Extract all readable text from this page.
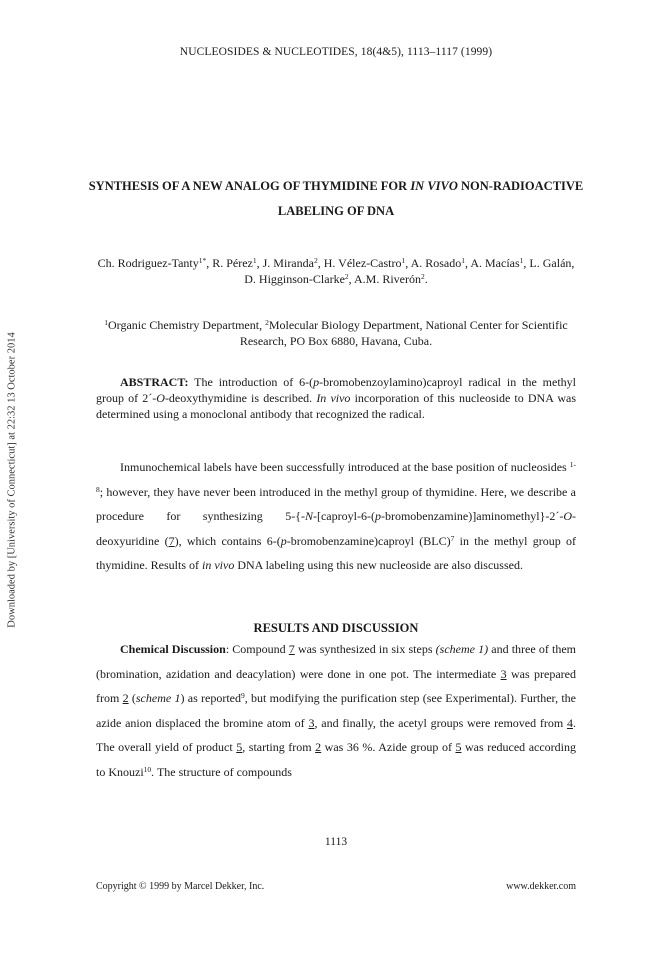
NUCLEOSIDES & NUCLEOTIDES, 18(4&5), 1113–1117 (1999)
Downloaded by [University of Connecticut] at 22:32 13 October 2014
SYNTHESIS OF A NEW ANALOG OF THYMIDINE FOR IN VIVO NON-RADIOACTIVE LABELING OF DNA
Ch. Rodriguez-Tanty$^{1*}$, R. Pérez$^1$, J. Miranda$^2$, H. Vélez-Castro$^1$, A. Rosado$^1$, A. Macías$^1$, L. Galán, D. Higginson-Clarke$^2$, A.M. Riverón$^2$.
$^1$Organic Chemistry Department, $^2$Molecular Biology Department, National Center for Scientific Research, PO Box 6880, Havana, Cuba.
ABSTRACT: The introduction of 6-(p-bromobenzoylamino)caproyl radical in the methyl group of 2´-O-deoxythymidine is described. In vivo incorporation of this nucleoside to DNA was determined using a monoclonal antibody that recognized the radical.
Inmunochemical labels have been successfully introduced at the base position of nucleosides $^{1-8}$; however, they have never been introduced in the methyl group of thymidine. Here, we describe a procedure for synthesizing 5-{-N-[caproyl-6-(p-bromobenzamine)]aminomethyl}-2´-O-deoxyuridine (7), which contains 6-(p-bromobenzamine)caproyl (BLC)$^7$ in the methyl group of thymidine. Results of in vivo DNA labeling using this new nucleoside are also discussed.
RESULTS AND DISCUSSION
Chemical Discussion: Compound 7 was synthesized in six steps (scheme 1) and three of them (bromination, azidation and deacylation) were done in one pot. The intermediate 3 was prepared from 2 (scheme 1) as reported$^9$, but modifying the purification step (see Experimental). Further, the azide anion displaced the bromine atom of 3, and finally, the acetyl groups were removed from 4. The overall yield of product 5, starting from 2 was 36 %. Azide group of 5 was reduced according to Knouzi$^{10}$. The structure of compounds
1113
Copyright © 1999 by Marcel Dekker, Inc.	www.dekker.com
